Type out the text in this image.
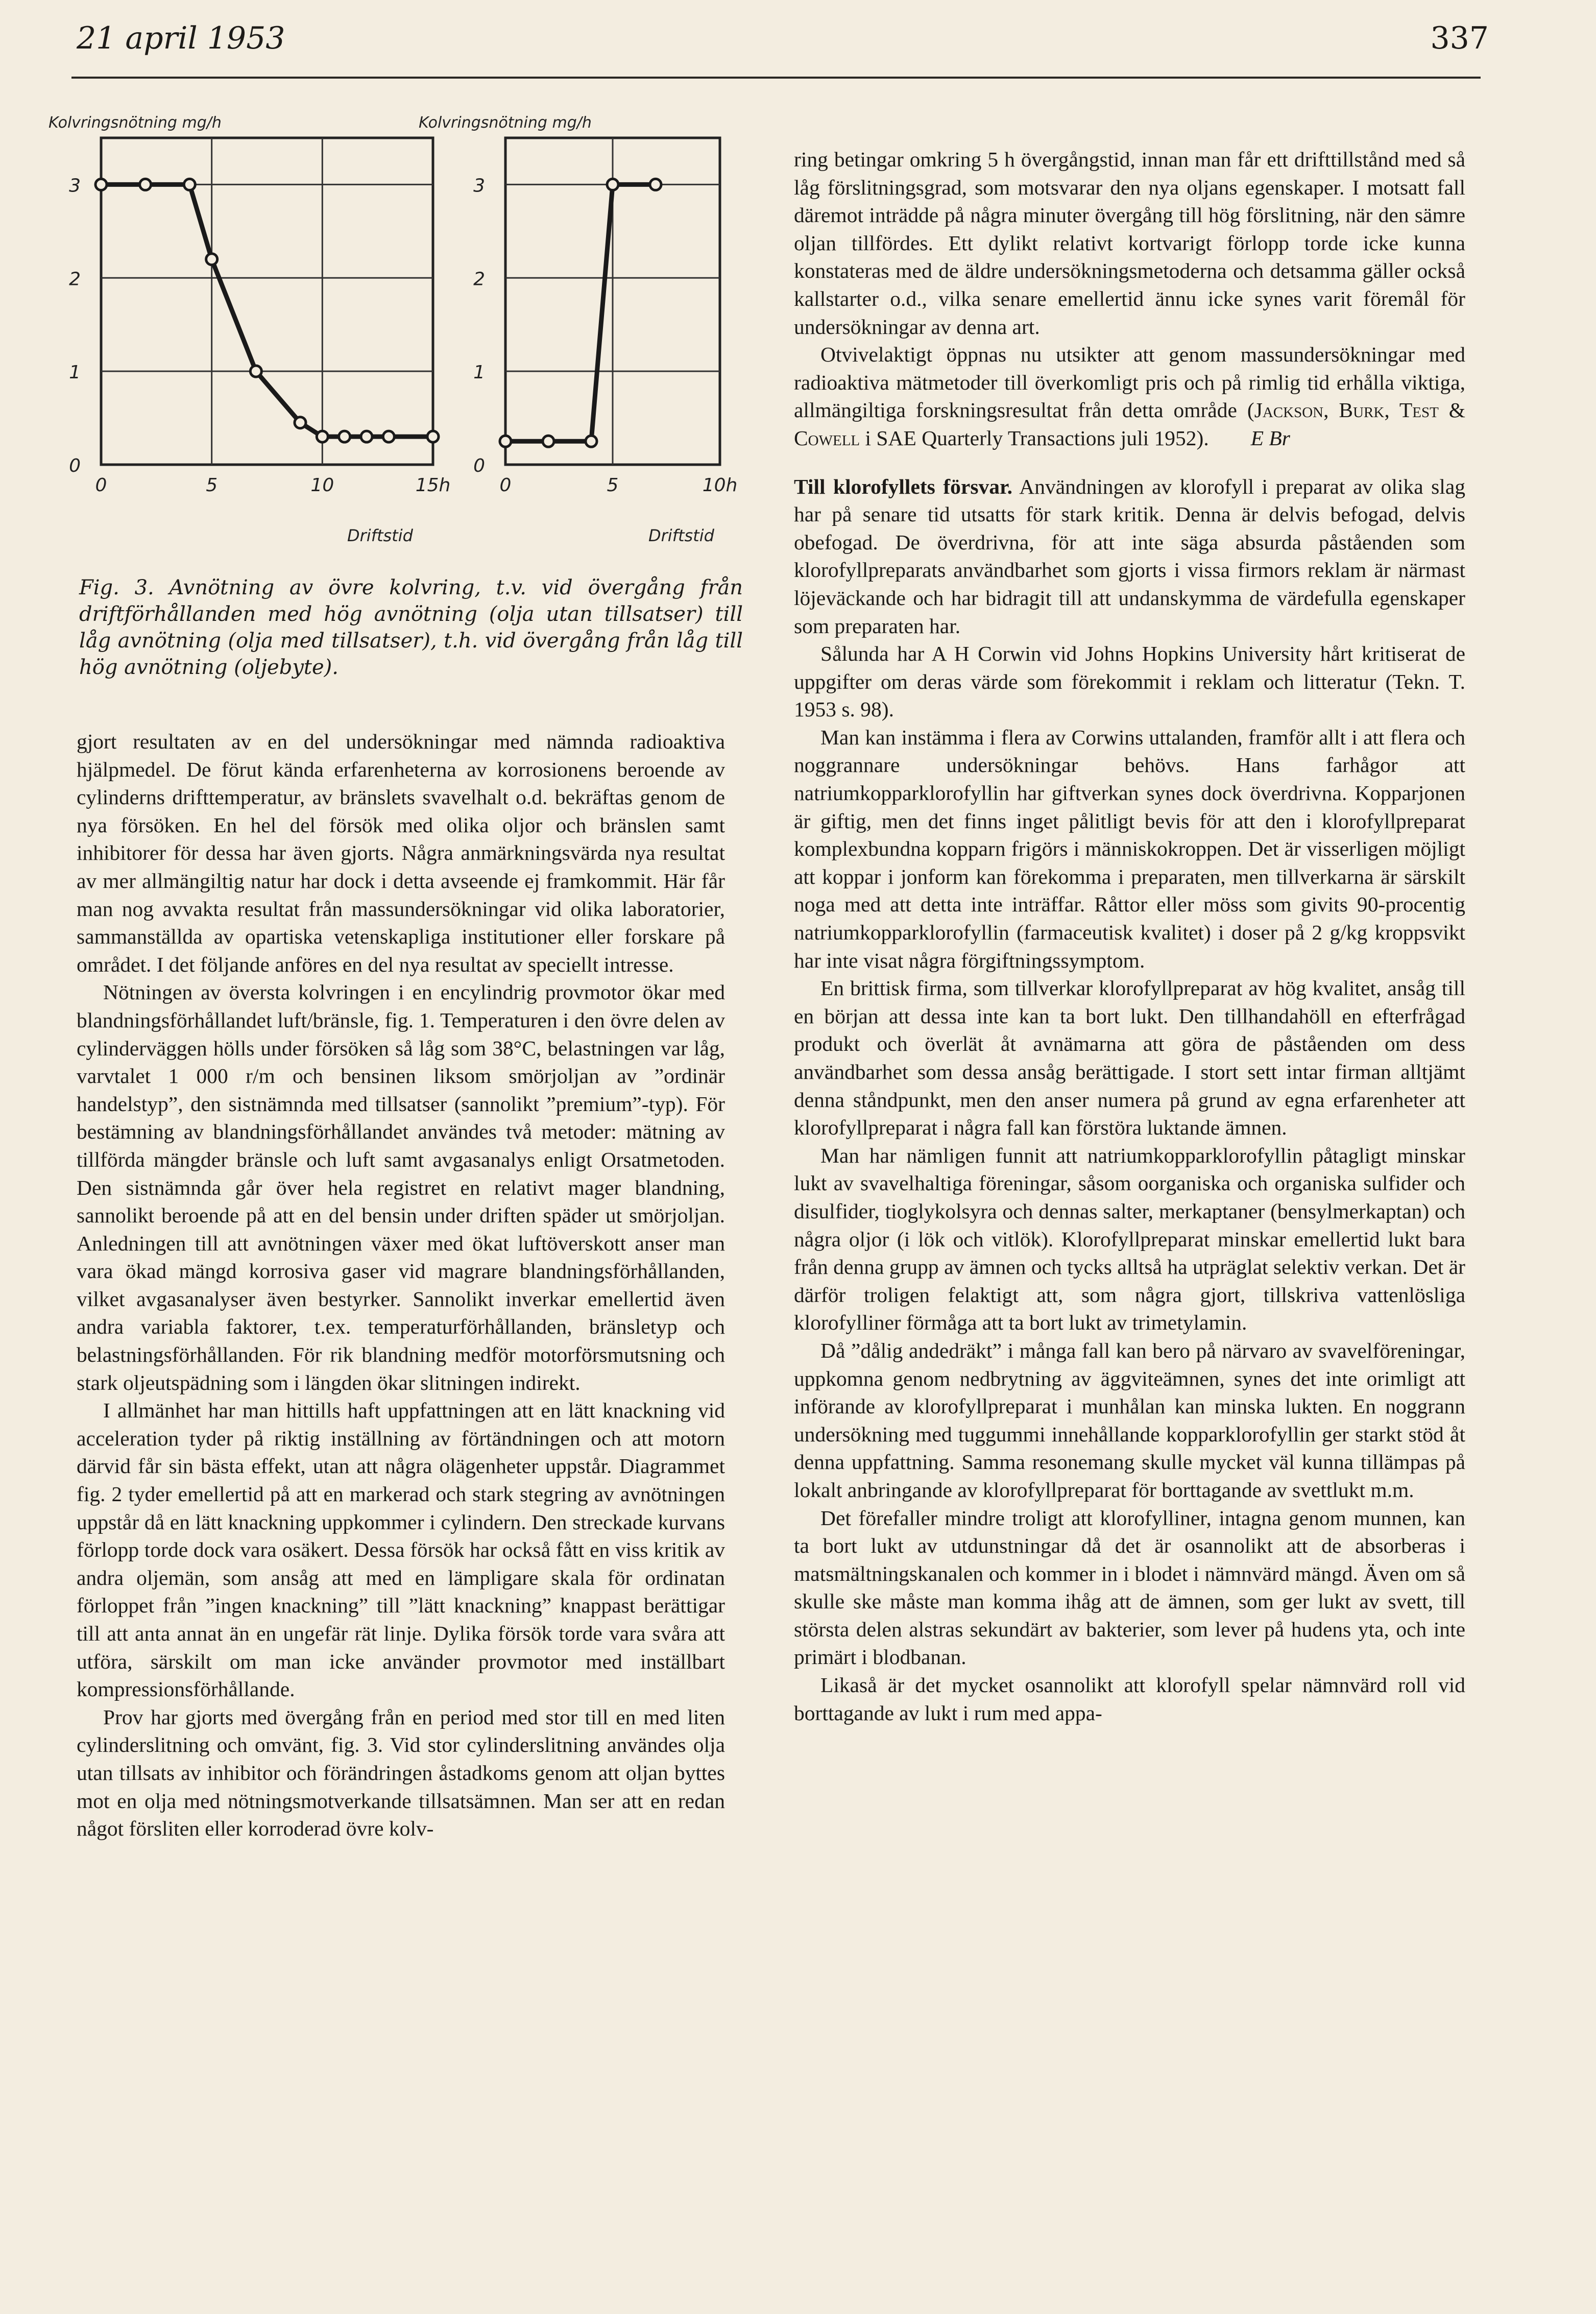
21 april 1953	337
0
1
2
3
0	5	10	15h
Kolvringsnötning mg/h
Driftstid
0
1
2
3
0	5	10h
Kolvringsnötning mg/h
Driftstid
Fig. 3. Avnötning av övre kolvring, t.v. vid övergång från driftförhållanden med hög avnötning (olja utan tillsatser) till låg avnötning (olja med tillsatser), t.h. vid övergång från låg till hög avnötning (oljebyte).

gjort resultaten av en del undersökningar med nämnda radioaktiva hjälpmedel. De förut kända erfarenheterna av korrosionens beroende av cylinderns drifttemperatur, av bränslets svavelhalt o.d. bekräftas genom de nya försöken. En hel del försök med olika oljor och bränslen samt inhibitorer för dessa har även gjorts. Några anmärkningsvärda nya resultat av mer allmängiltig natur har dock i detta avseende ej framkommit. Här får man nog avvakta resultat från massundersökningar vid olika laboratorier, sammanställda av opartiska vetenskapliga institutioner eller forskare på området. I det följande anföres en del nya resultat av speciellt intresse.

Nötningen av översta kolvringen i en encylindrig provmotor ökar med blandningsförhållandet luft/bränsle, fig. 1. Temperaturen i den övre delen av cylinderväggen hölls under försöken så låg som 38°C, belastningen var låg, varvtalet 1 000 r/m och bensinen liksom smörjoljan av ”ordinär handelstyp”, den sistnämnda med tillsatser (sannolikt ”premium”-typ). För bestämning av blandningsförhållandet användes två metoder: mätning av tillförda mängder bränsle och luft samt avgasanalys enligt Orsatmetoden. Den sistnämnda går över hela registret en relativt mager blandning, sannolikt beroende på att en del bensin under driften späder ut smörjoljan. Anledningen till att avnötningen växer med ökat luftöverskott anser man vara ökad mängd korrosiva gaser vid magrare blandningsförhållanden, vilket avgasanalyser även bestyrker. Sannolikt inverkar emellertid även andra variabla faktorer, t.ex. temperaturförhållanden, bränsletyp och belastningsförhållanden. För rik blandning medför motorförsmutsning och stark oljeutspädning som i längden ökar slitningen indirekt.

I allmänhet har man hittills haft uppfattningen att en lätt knackning vid acceleration tyder på riktig inställning av förtändningen och att motorn därvid får sin bästa effekt, utan att några olägenheter uppstår. Diagrammet fig. 2 tyder emellertid på att en markerad och stark stegring av avnötningen uppstår då en lätt knackning uppkommer i cylindern. Den streckade kurvans förlopp torde dock vara osäkert. Dessa försök har också fått en viss kritik av andra oljemän, som ansåg att med en lämpligare skala för ordinatan förloppet från ”ingen knackning” till ”lätt knackning” knappast berättigar till att anta annat än en ungefär rät linje. Dylika försök torde vara svåra att utföra, särskilt om man icke använder provmotor med inställbart kompressionsförhållande.

Prov har gjorts med övergång från en period med stor till en med liten cylinderslitning och omvänt, fig. 3. Vid stor cylinderslitning användes olja utan tillsats av inhibitor och förändringen åstadkoms genom att oljan byttes mot en olja med nötningsmotverkande tillsatsämnen. Man ser att en redan något försliten eller korroderad övre kolv-

ring betingar omkring 5 h övergångstid, innan man får ett drifttillstånd med så låg förslitningsgrad, som motsvarar den nya oljans egenskaper. I motsatt fall däremot inträdde på några minuter övergång till hög förslitning, när den sämre oljan tillfördes. Ett dylikt relativt kortvarigt förlopp torde icke kunna konstateras med de äldre undersökningsmetoderna och detsamma gäller också kallstarter o.d., vilka senare emellertid ännu icke synes varit föremål för undersökningar av denna art.

Otvivelaktigt öppnas nu utsikter att genom massundersökningar med radioaktiva mätmetoder till överkomligt pris och på rimlig tid erhålla viktiga, allmängiltiga forskningsresultat från detta område (Jackson, Burk, Test & Cowell i SAE Quarterly Transactions juli 1952). E Br

Till klorofyllets försvar. Användningen av klorofyll i preparat av olika slag har på senare tid utsatts för stark kritik. Denna är delvis befogad, delvis obefogad. De överdrivna, för att inte säga absurda påståenden som klorofyllpreparats användbarhet som gjorts i vissa firmors reklam är närmast löjeväckande och har bidragit till att undanskymma de värdefulla egenskaper som preparaten har.

Sålunda har A H Corwin vid Johns Hopkins University hårt kritiserat de uppgifter om deras värde som förekommit i reklam och litteratur (Tekn. T. 1953 s. 98).

Man kan instämma i flera av Corwins uttalanden, framför allt i att flera och noggrannare undersökningar behövs. Hans farhågor att natriumkopparklorofyllin har giftverkan synes dock överdrivna. Kopparjonen är giftig, men det finns inget pålitligt bevis för att den i klorofyllpreparat komplexbundna kopparn frigörs i människokroppen. Det är visserligen möjligt att koppar i jonform kan förekomma i preparaten, men tillverkarna är särskilt noga med att detta inte inträffar. Råttor eller möss som givits 90-procentig natriumkopparklorofyllin (farmaceutisk kvalitet) i doser på 2 g/kg kroppsvikt har inte visat några förgiftningssymptom.

En brittisk firma, som tillverkar klorofyllpreparat av hög kvalitet, ansåg till en början att dessa inte kan ta bort lukt. Den tillhandahöll en efterfrågad produkt och överlät åt avnämarna att göra de påståenden om dess användbarhet som dessa ansåg berättigade. I stort sett intar firman alltjämt denna ståndpunkt, men den anser numera på grund av egna erfarenheter att klorofyllpreparat i några fall kan förstöra luktande ämnen.

Man har nämligen funnit att natriumkopparklorofyllin påtagligt minskar lukt av svavelhaltiga föreningar, såsom oorganiska och organiska sulfider och disulfider, tioglykolsyra och dennas salter, merkaptaner (bensylmerkaptan) och några oljor (i lök och vitlök). Klorofyllpreparat minskar emellertid lukt bara från denna grupp av ämnen och tycks alltså ha utpräglat selektiv verkan. Det är därför troligen felaktigt att, som några gjort, tillskriva vattenlösliga klorofylliner förmåga att ta bort lukt av trimetylamin.

Då ”dålig andedräkt” i många fall kan bero på närvaro av svavelföreningar, uppkomna genom nedbrytning av äggviteämnen, synes det inte orimligt att införande av klorofyllpreparat i munhålan kan minska lukten. En noggrann undersökning med tuggummi innehållande kopparklorofyllin ger starkt stöd åt denna uppfattning. Samma resonemang skulle mycket väl kunna tillämpas på lokalt anbringande av klorofyllpreparat för borttagande av svettlukt m.m.

Det förefaller mindre troligt att klorofylliner, intagna genom munnen, kan ta bort lukt av utdunstningar då det är osannolikt att de absorberas i matsmältningskanalen och kommer in i blodet i nämnvärd mängd. Även om så skulle ske måste man komma ihåg att de ämnen, som ger lukt av svett, till största delen alstras sekundärt av bakterier, som lever på hudens yta, och inte primärt i blodbanan.

Likaså är det mycket osannolikt att klorofyll spelar nämnvärd roll vid borttagande av lukt i rum med appa-
